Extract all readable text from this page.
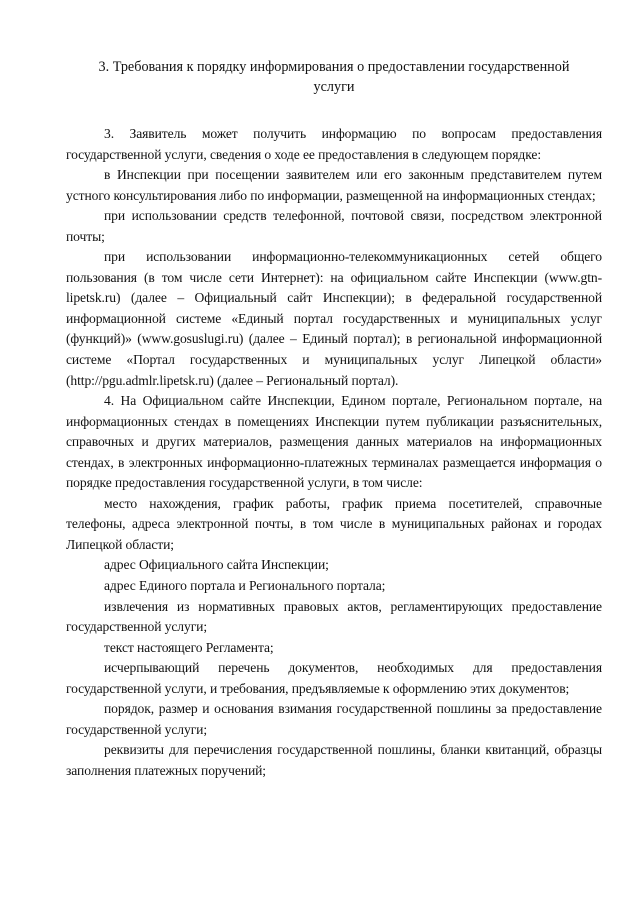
3. Требования к порядку информирования о предоставлении государственной
услуги

3. Заявитель может получить информацию по вопросам предоставления государственной услуги, сведения о ходе ее предоставления в следующем порядке:

в Инспекции при посещении заявителем или его законным представителем путем устного консультирования либо по информации, размещенной на информационных стендах;

при использовании средств телефонной, почтовой связи, посредством электронной почты;

при использовании информационно-телекоммуникационных сетей общего пользования (в том числе сети Интернет): на официальном сайте Инспекции (www.gtn-lipetsk.ru) (далее – Официальный сайт Инспекции); в федеральной государственной информационной системе «Единый портал государственных и муниципальных услуг (функций)» (www.gosuslugi.ru) (далее – Единый портал); в региональной информационной системе «Портал государственных и муниципальных услуг Липецкой области» (http://pgu.admlr.lipetsk.ru) (далее – Региональный портал).

4. На Официальном сайте Инспекции, Едином портале, Региональном портале, на информационных стендах в помещениях Инспекции путем публикации разъяснительных, справочных и других материалов, размещения данных материалов на информационных стендах, в электронных информационно-платежных терминалах размещается информация о порядке предоставления государственной услуги, в том числе:

место нахождения, график работы, график приема посетителей, справочные телефоны, адреса электронной почты, в том числе в муниципальных районах и городах Липецкой области;

адрес Официального сайта Инспекции;

адрес Единого портала и Регионального портала;

извлечения из нормативных правовых актов, регламентирующих предоставление государственной услуги;

текст настоящего Регламента;

исчерпывающий перечень документов, необходимых для предоставления государственной услуги, и требования, предъявляемые к оформлению этих документов;

порядок, размер и основания взимания государственной пошлины за предоставление государственной услуги;

реквизиты для перечисления государственной пошлины, бланки квитанций, образцы заполнения платежных поручений;
